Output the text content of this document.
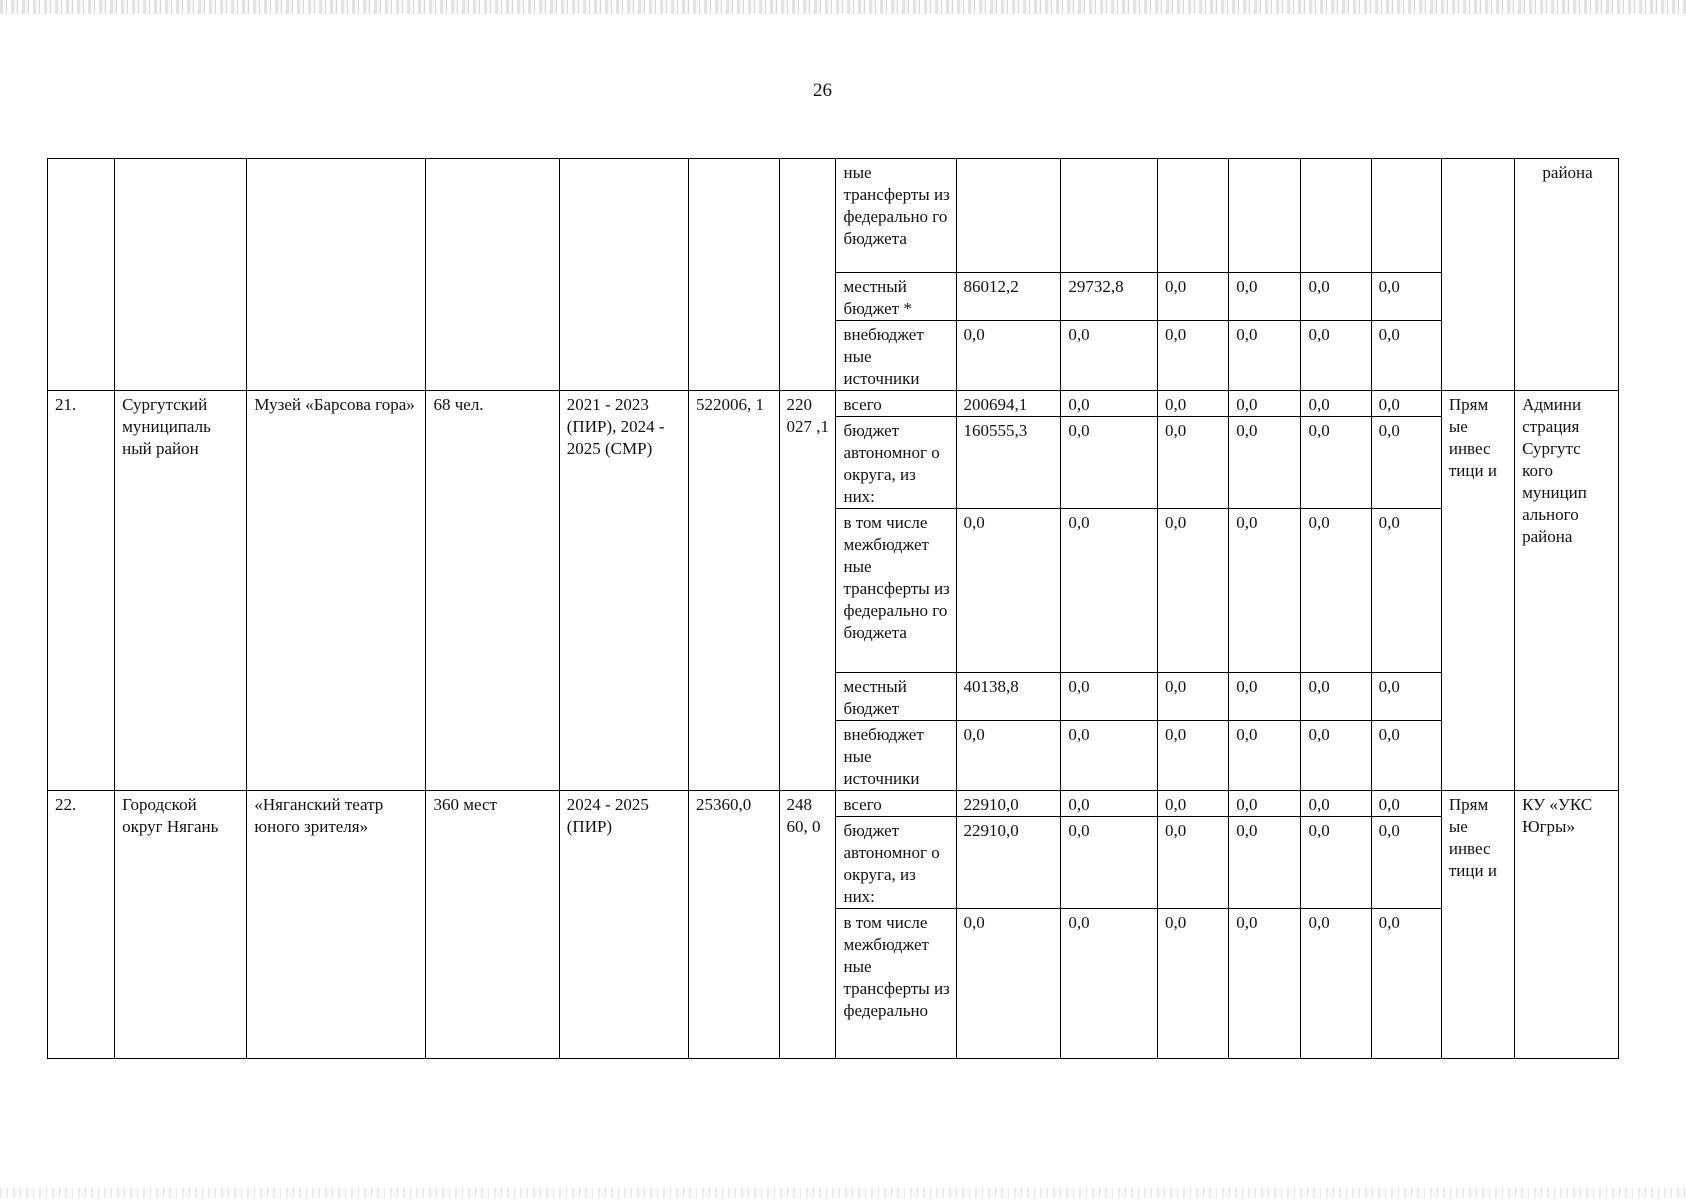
26
							ные трансферты из федерально го бюджета								района
							местный бюджет *	86012,2	29732,8	0,0	0,0	0,0	0,0		
							внебюджет ные источники	0,0	0,0	0,0	0,0	0,0	0,0		
21.	Сургутский муниципаль ный район	Музей «Барсова гора»	68 чел.	2021 - 2023 (ПИР), 2024 - 2025 (СМР)	522006, 1	220 027 ,1	всего	200694,1	0,0	0,0	0,0	0,0	0,0	Прям ые инвес тици и	Админи страция Сургутс кого муницип ального района
							бюджет автономног о округа, из них:	160555,3	0,0	0,0	0,0	0,0	0,0		
							в том числе межбюджет ные трансферты из федерально го бюджета	0,0	0,0	0,0	0,0	0,0	0,0		
							местный бюджет	40138,8	0,0	0,0	0,0	0,0	0,0		
							внебюджет ные источники	0,0	0,0	0,0	0,0	0,0	0,0		
22.	Городской округ Нягань	«Няганский театр юного зрителя»	360 мест	2024 - 2025 (ПИР)	25360,0	248 60, 0	всего	22910,0	0,0	0,0	0,0	0,0	0,0	Прям ые инвес тици и	КУ «УКС Югры»
							бюджет автономног о округа, из них:	22910,0	0,0	0,0	0,0	0,0	0,0		
							в том числе межбюджет ные трансферты из федерально	0,0	0,0	0,0	0,0	0,0	0,0		
